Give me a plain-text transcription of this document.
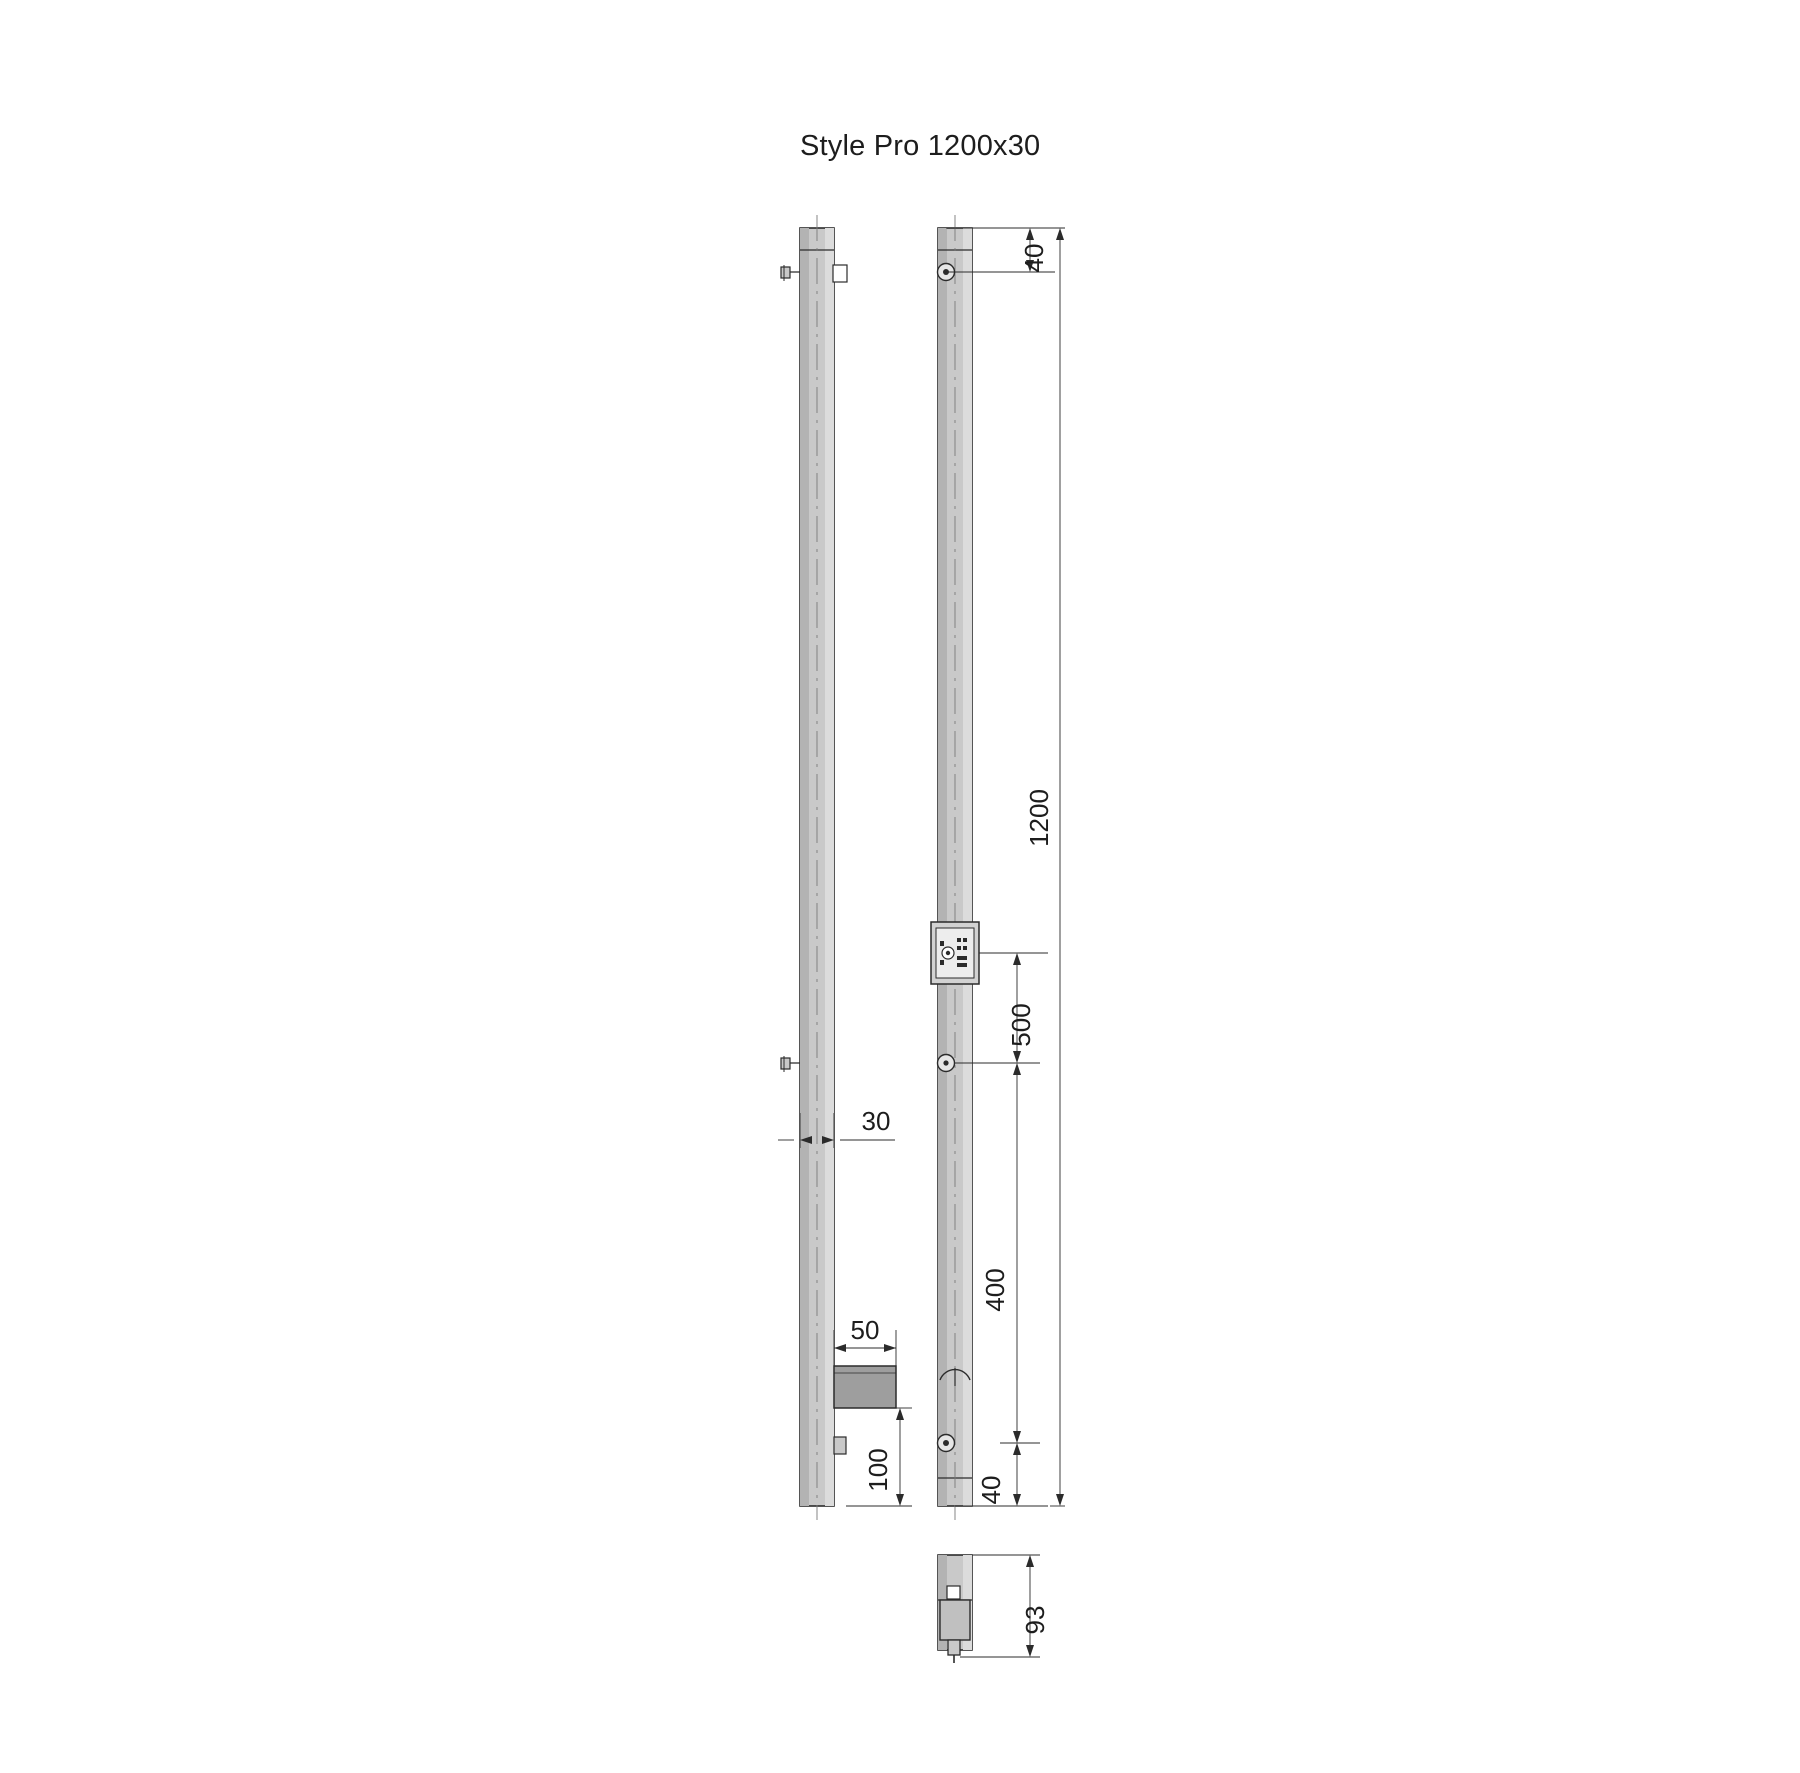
Style Pro 1200x30
40
1200
500
400
40
30
50
100
93
